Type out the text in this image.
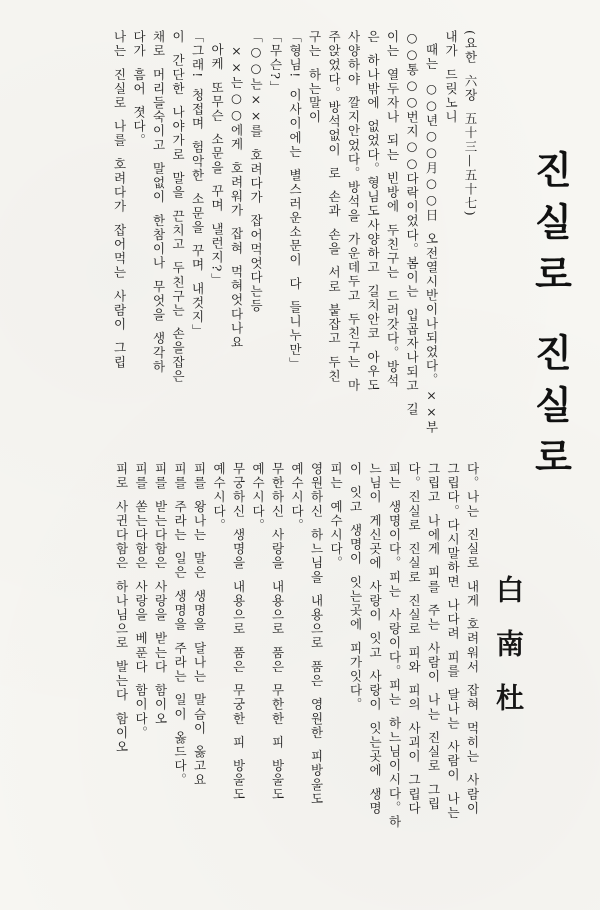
진실로 진실로
白南杜
(요한 六장 五十三—五十七)
내가 드릿노니
때는 ○○년○○月○○日 오전열시반이나되었다。××부
○○통○○번지○○다락이었다。봄이는 입곱자나되고 길
이는 열두자나 되는 빈방에 두친구는 드러갓다。방석
은 하나밖에 없었다。형님도사양하고 길치안코 아우도
사양하야 깔지안었다。방석을 가운데두고 두친구는 마
주앉었다。방석없이 로 손과 손을 서로 붙잡고 두친
구는 하는말이
「형님! 이사이에는 별스러운소문이 다 들니누만」
「무슨?」
「○○는××를 호려다가 잡어먹엇다는등
××는○○에게 호려워가 잡혀 먹혀엇다나요
아케 또무슨 소문을 꾸며 낼런지?」
「그래! 청접며 험악한 소문을 꾸며 내것지」
이 간단한 나야가로 말을 끈치고 두친구는 손을잡은
채로 머리들숙이고 말없이 한참이나 무엇을 생각하
다가 흠어 졋다。
나는 진실로 나를 호려다가 잡어먹는 사람이 그립
다。나는 진실로 내게 호려워서 잡혀 먹히는 사람이
그립다。다시말하면 나다려 피를 달나는 사람이 나는
그립고 나에게 피를 주는 사람이 나는 진실로 그립
다。진실로 진실로 진실로 피와 피의 사괴이 그립다
피는 생명이다。피는 사랑이다。피는 하느님이시다。하
느님이 게신곳에 사랑이 잇고 사랑이 잇는곳에 생명
이 잇고 생명이 잇는곳에 피가잇다。
피는 예수시다。
영원하신 하느님을 내용으로 품은 영원한 피방울도
예수시다。
무한하신 사랑을 내용으로 품은 무한한 피 방울도
예수시다。
무궁하신 생명을 내용으로 품은 무궁한 피 방울도
예수시다。
피를 왕나는 말은 생명을 달나는 말슴이 옳고요
피를 주라는 일은 생명을 주라는 일이 옳드다。
피를 받는다함은 사랑을 받는다 함이오
피를 쏟는다함은 사랑을 베푼다 함이다。
피로 사귄다함은 하나님으로 발는다 함이오
